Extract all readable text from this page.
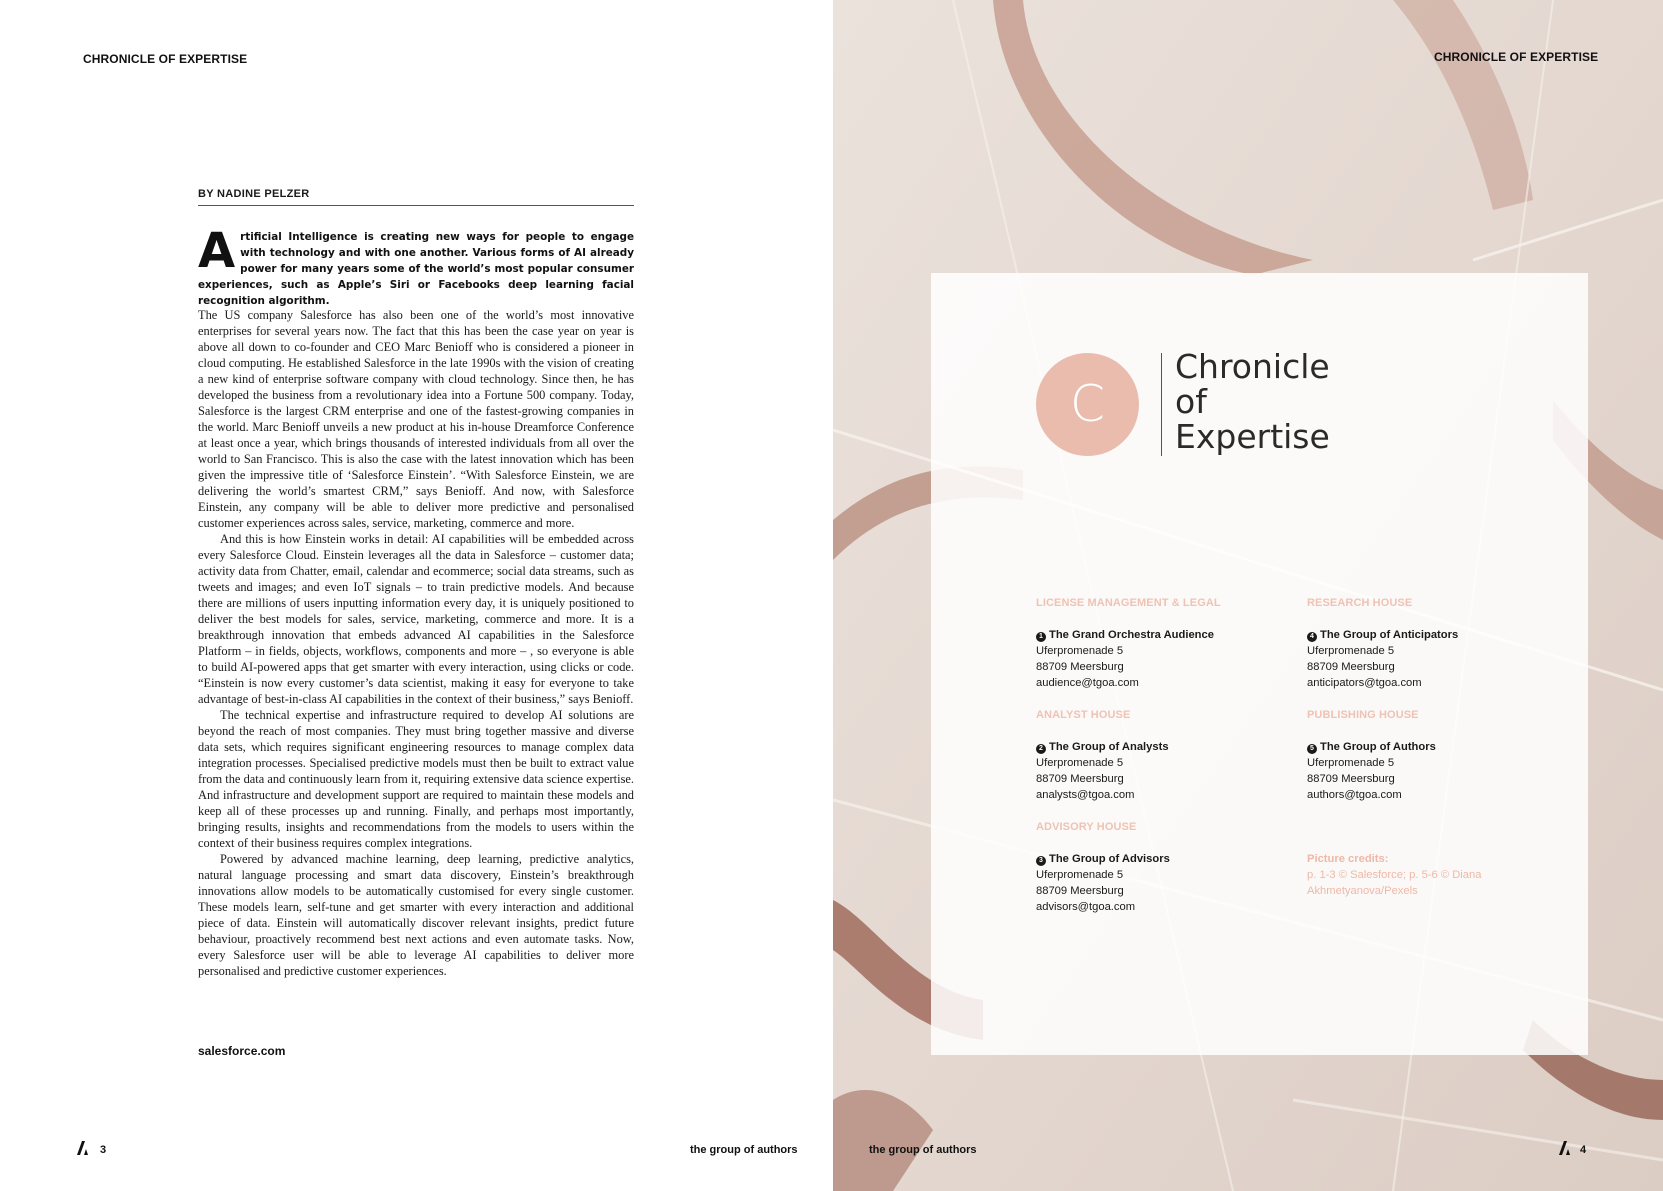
CHRONICLE OF EXPERTISE
BY NADINE PELZER
Artificial Intelligence is creating new ways for people to engage with technology and with one another. Various forms of AI already power for many years some of the world’s most popular consumer experiences, such as Apple’s Siri or Facebooks deep learning facial recognition algorithm.

The US company Salesforce has also been one of the world’s most innovative enterprises for several years now. The fact that this has been the case year on year is above all down to co-founder and CEO Marc Benioff who is considered a pioneer in cloud computing. He established Salesforce in the late 1990s with the vision of creating a new kind of enterprise software company with cloud technology. Since then, he has developed the business from a revolutionary idea into a Fortune 500 company. Today, Salesforce is the largest CRM enterprise and one of the fastest-growing companies in the world. Marc Benioff unveils a new product at his in-house Dreamforce Conference at least once a year, which brings thousands of interested individuals from all over the world to San Francisco. This is also the case with the latest innovation which has been given the impressive title of ‘Salesforce Einstein’. “With Salesforce Einstein, we are delivering the world’s smartest CRM,” says Benioff. And now, with Salesforce Einstein, any company will be able to deliver more predictive and personalised customer experiences across sales, service, marketing, commerce and more.

And this is how Einstein works in detail: AI capabilities will be embedded across every Salesforce Cloud. Einstein leverages all the data in Salesforce – customer data; activity data from Chatter, email, calendar and ecommerce; social data streams, such as tweets and images; and even IoT signals – to train predictive models. And because there are millions of users inputting information every day, it is uniquely positioned to deliver the best models for sales, service, marketing, commerce and more. It is a breakthrough innovation that embeds advanced AI capabilities in the Salesforce Platform – in fields, objects, workflows, components and more – , so everyone is able to build AI-powered apps that get smarter with every interaction, using clicks or code. “Einstein is now every customer’s data scientist, making it easy for everyone to take advantage of best-in-class AI capabilities in the context of their business,” says Benioff.

The technical expertise and infrastructure required to develop AI solutions are beyond the reach of most companies. They must bring together massive and diverse data sets, which requires significant engineering resources to manage complex data integration processes. Specialised predictive models must then be built to extract value from the data and continuously learn from it, requiring extensive data science expertise. And infrastructure and development support are required to maintain these models and keep all of these processes up and running. Finally, and perhaps most importantly, bringing results, insights and recommendations from the models to users within the context of their business requires complex integrations.

Powered by advanced machine learning, deep learning, predictive analytics, natural language processing and smart data discovery, Einstein’s breakthrough innovations allow models to be automatically customised for every single customer. These models learn, self-tune and get smarter with every interaction and additional piece of data. Einstein will automatically discover relevant insights, predict future behaviour, proactively recommend best next actions and even automate tasks. Now, every Salesforce user will be able to leverage AI capabilities to deliver more personalised and predictive customer experiences.

salesforce.com
3	the group of authors
CHRONICLE OF EXPERTISE
C
Chronicle
of
Expertise
LICENSE MANAGEMENT & LEGAL
1 The Grand Orchestra Audience
Uferpromenade 5
88709 Meersburg
audience@tgoa.com
ANALYST HOUSE
2 The Group of Analysts
Uferpromenade 5
88709 Meersburg
analysts@tgoa.com
ADVISORY HOUSE
3 The Group of Advisors
Uferpromenade 5
88709 Meersburg
advisors@tgoa.com
RESEARCH HOUSE
4 The Group of Anticipators
Uferpromenade 5
88709 Meersburg
anticipators@tgoa.com
PUBLISHING HOUSE
5 The Group of Authors
Uferpromenade 5
88709 Meersburg
authors@tgoa.com
Picture credits:
p. 1-3 © Salesforce; p. 5-6 © Diana
Akhmetyanova/Pexels
the group of authors	4
